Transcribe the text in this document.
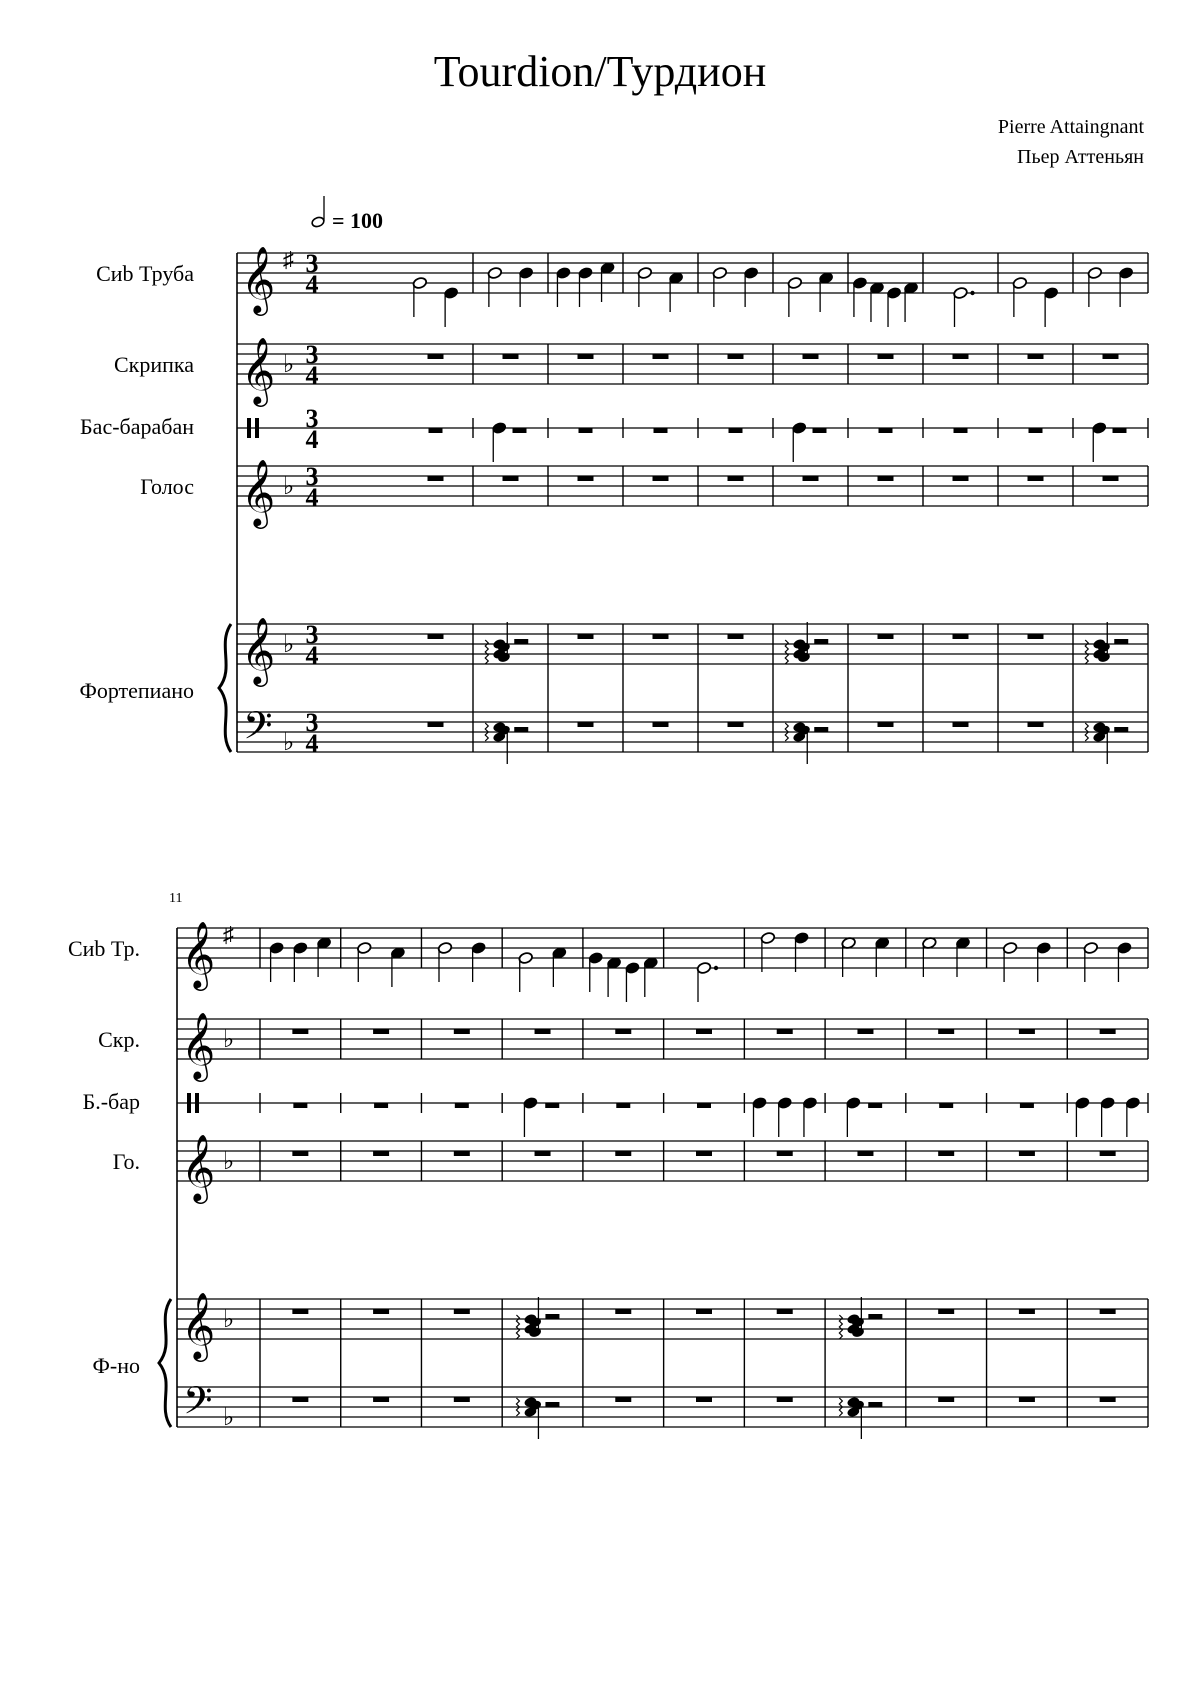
Tourdion/Турдион
Pierre Attaingnant
Пьер Аттеньян
= 100
Сиb Труба
Скрипка
Бас-барабан
Голос
Фортепиано
𝄞 ♯
𝄞 ♭
𝄞 ♭
𝄞 ♭
𝄢 ♭
3
4
3
4
3
4
3
4
3
4
3
4
Сиb Тр.
Скр.
Б.-бар
Го.
Ф-но
11
𝄞 ♯
𝄞 ♭
𝄞 ♭
𝄞 ♭
𝄢 ♭
